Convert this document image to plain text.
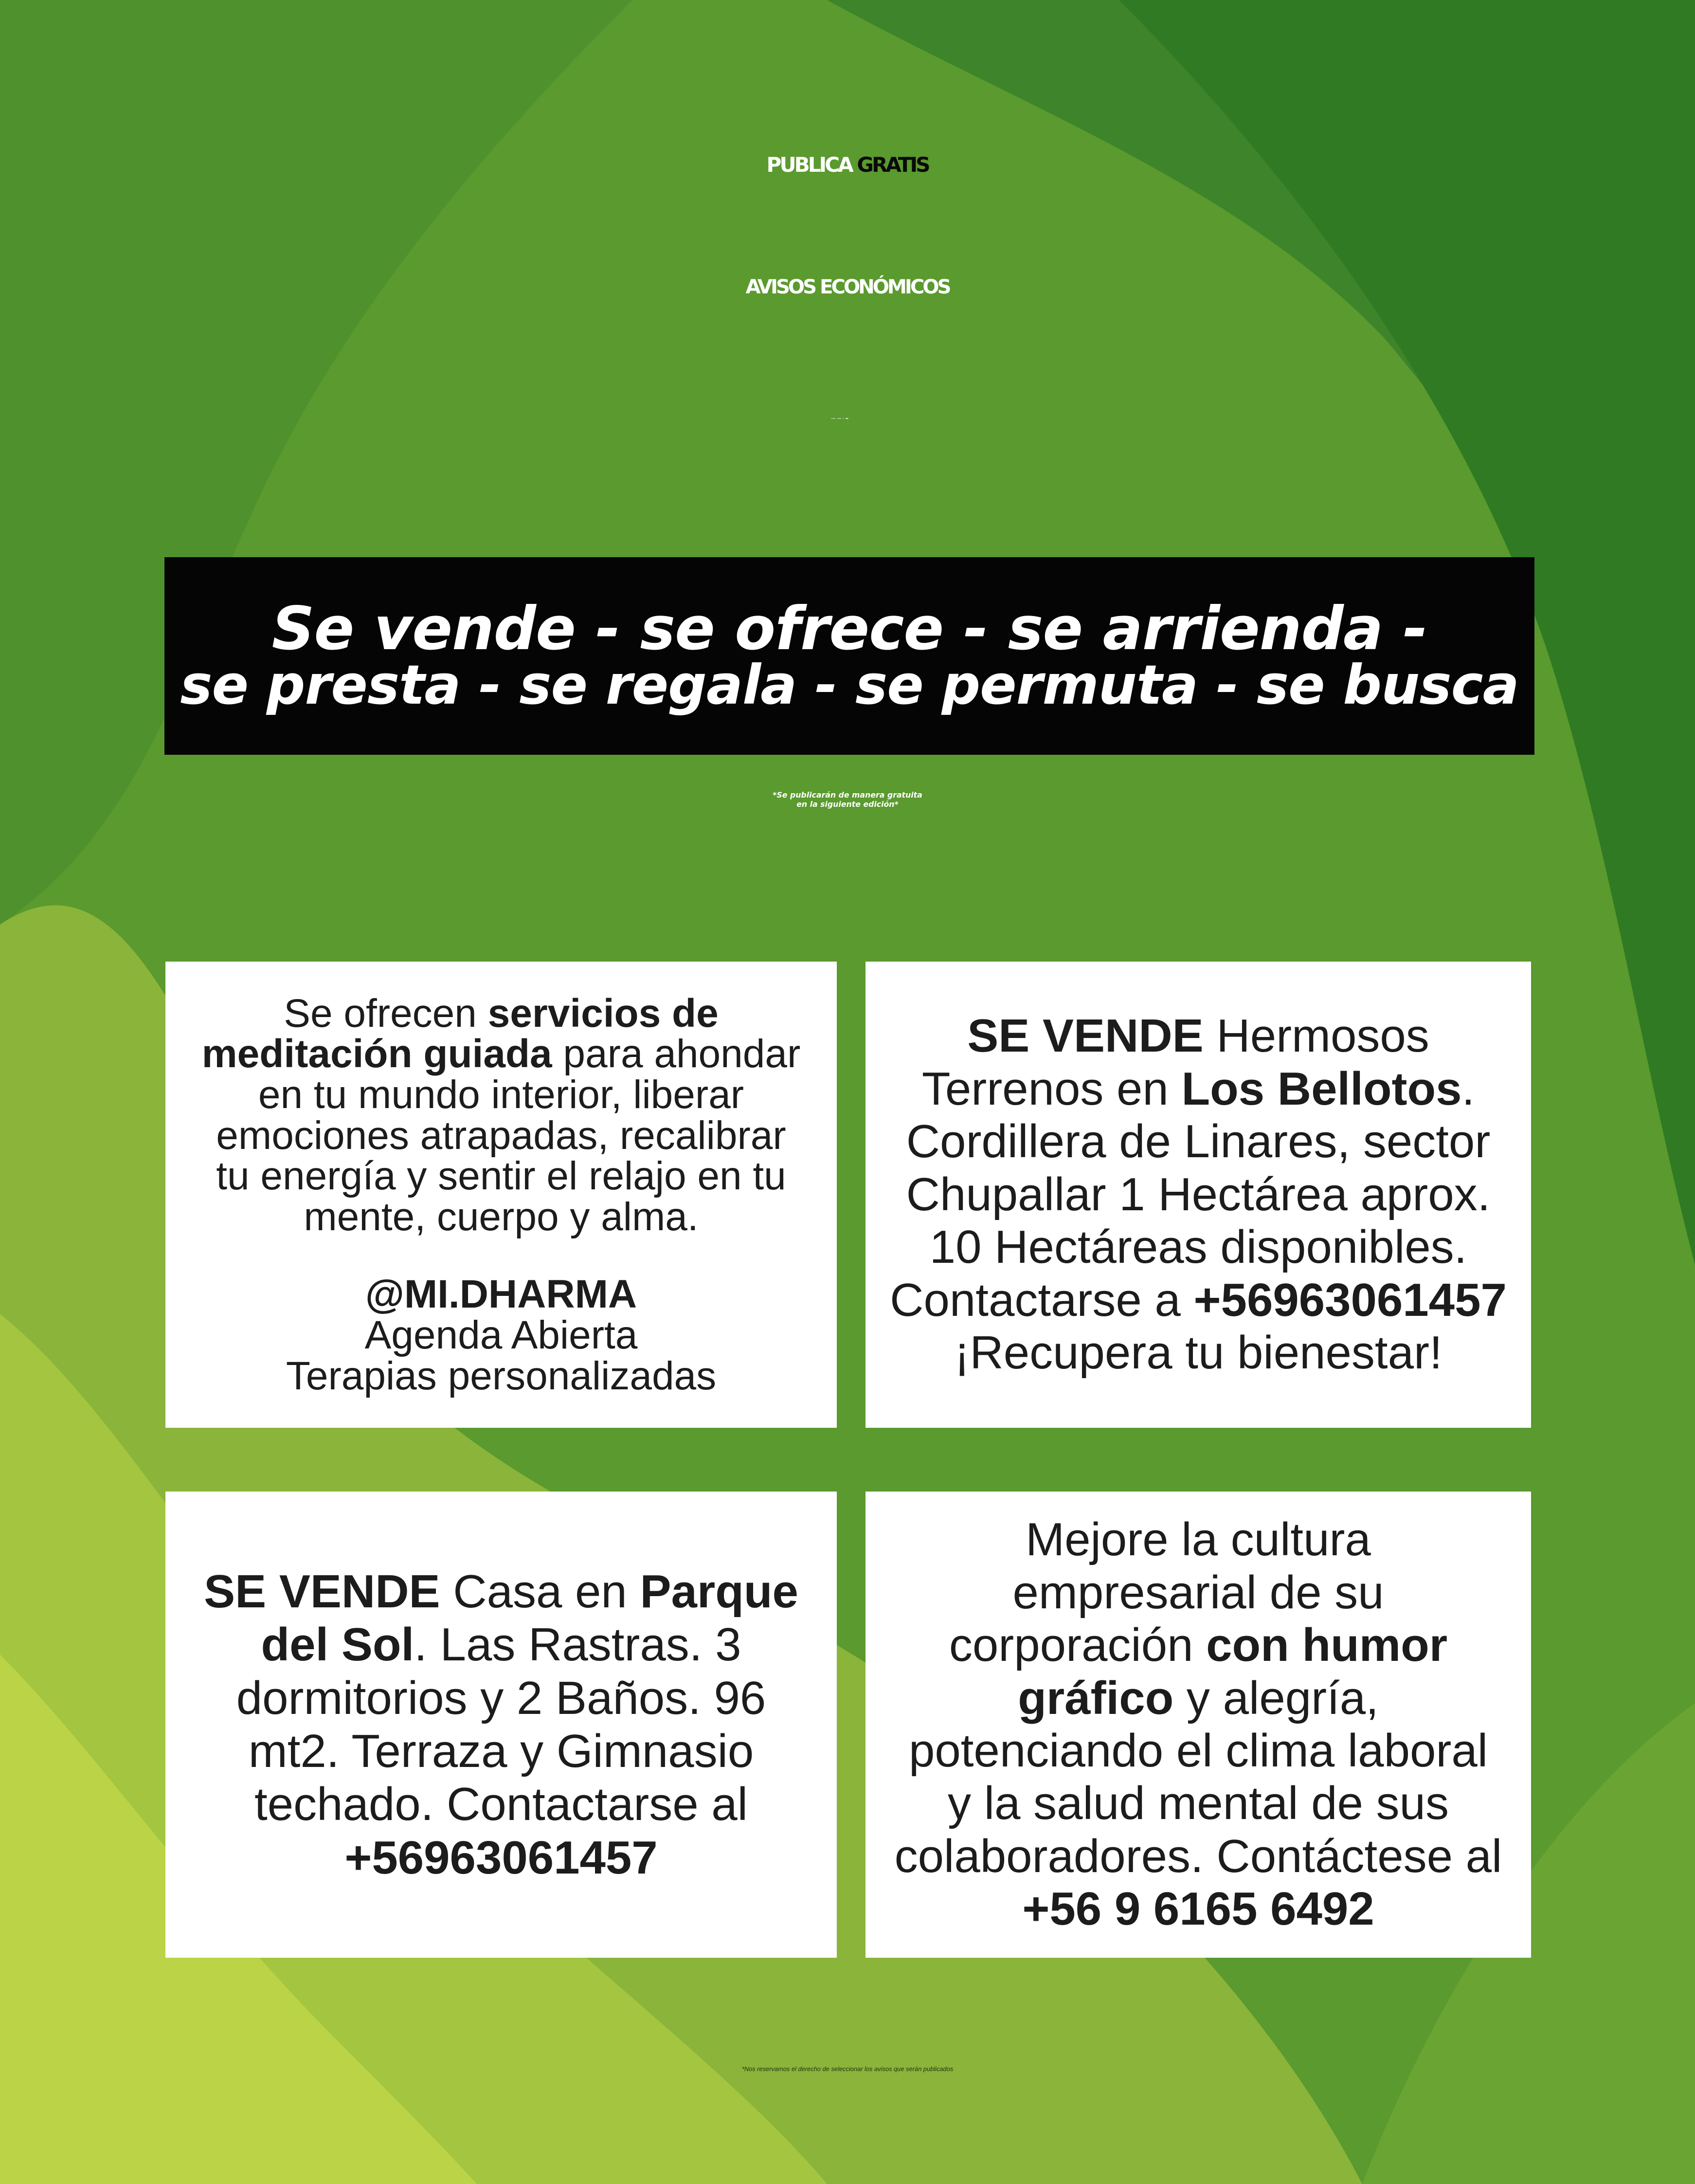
PUBLICA GRATIS
AVISOS ECONÓMICOS
Se vende - se ofrece - se arrienda -
se presta - se regala - se permuta - se busca
*Se publicarán de manera gratuita
en la siguiente edición*
Se ofrecen servicios de
meditación guiada para ahondar
en tu mundo interior, liberar
emociones atrapadas, recalibrar
tu energía y sentir el relajo en tu
mente, cuerpo y alma.
@MI.DHARMA
Agenda Abierta
Terapias personalizadas
SE VENDE Hermosos
Terrenos en Los Bellotos.
Cordillera de Linares, sector
Chupallar 1 Hectárea aprox.
10 Hectáreas disponibles.
Contactarse a +56963061457
¡Recupera tu bienestar!
SE VENDE Casa en Parque
del Sol. Las Rastras. 3
dormitorios y 2 Baños. 96
mt2. Terraza y Gimnasio
techado. Contactarse al
+56963061457
Mejore la cultura
empresarial de su
corporación con humor
gráfico y alegría,
potenciando el clima laboral
y la salud mental de sus
colaboradores. Contáctese al
+56 9 6165 6492
*Nos reservamos el derecho de seleccionar los avisos que serán publicados
